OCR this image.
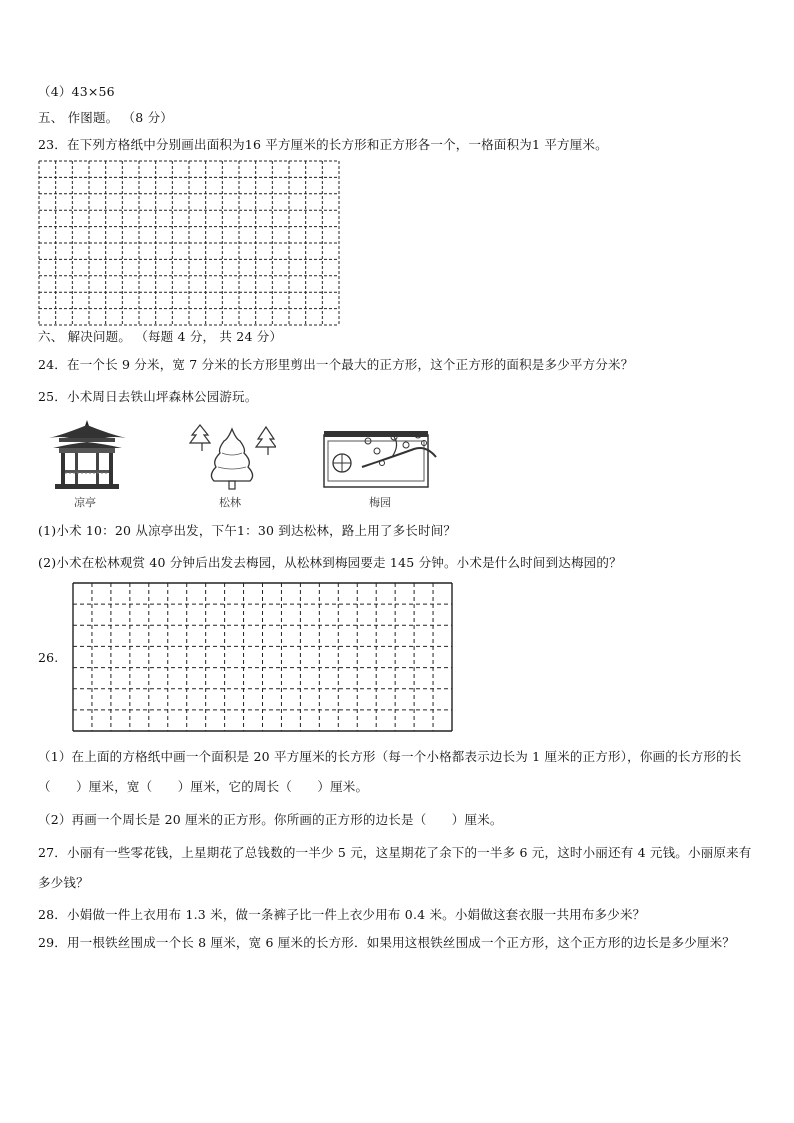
（4）43×56
五、 作图题。 （8 分）
23．在下列方格纸中分别画出面积为16 平方厘米的长方形和正方形各一个，一格面积为1 平方厘米。
六、 解决问题。 （每题 4 分， 共 24 分）
24．在一个长 9 分米，宽 7 分米的长方形里剪出一个最大的正方形，这个正方形的面积是多少平方分米？
25．小术周日去铁山坪森林公园游玩。
凉亭	松林	梅园
(1)小术 10：20 从凉亭出发，下午1：30 到达松林，路上用了多长时间？
(2)小术在松林观赏 40 分钟后出发去梅园，从松林到梅园要走 145 分钟。小术是什么时间到达梅园的？
26.
（1）在上面的方格纸中画一个面积是 20 平方厘米的长方形（每一个小格都表示边长为 1 厘米的正方形），你画的长方形的长（　　）厘米，宽（　　）厘米，它的周长（　　）厘米。
（2）再画一个周长是 20 厘米的正方形。你所画的正方形的边长是（　　）厘米。
27．小丽有一些零花钱，上星期花了总钱数的一半少 5 元，这星期花了余下的一半多 6 元，这时小丽还有 4 元钱。小丽原来有多少钱？
28．小娟做一件上衣用布 1.3 米，做一条裤子比一件上衣少用布 0.4 米。小娟做这套衣服一共用布多少米？
29．用一根铁丝围成一个长 8 厘米，宽 6 厘米的长方形．如果用这根铁丝围成一个正方形，这个正方形的边长是多少厘米？
